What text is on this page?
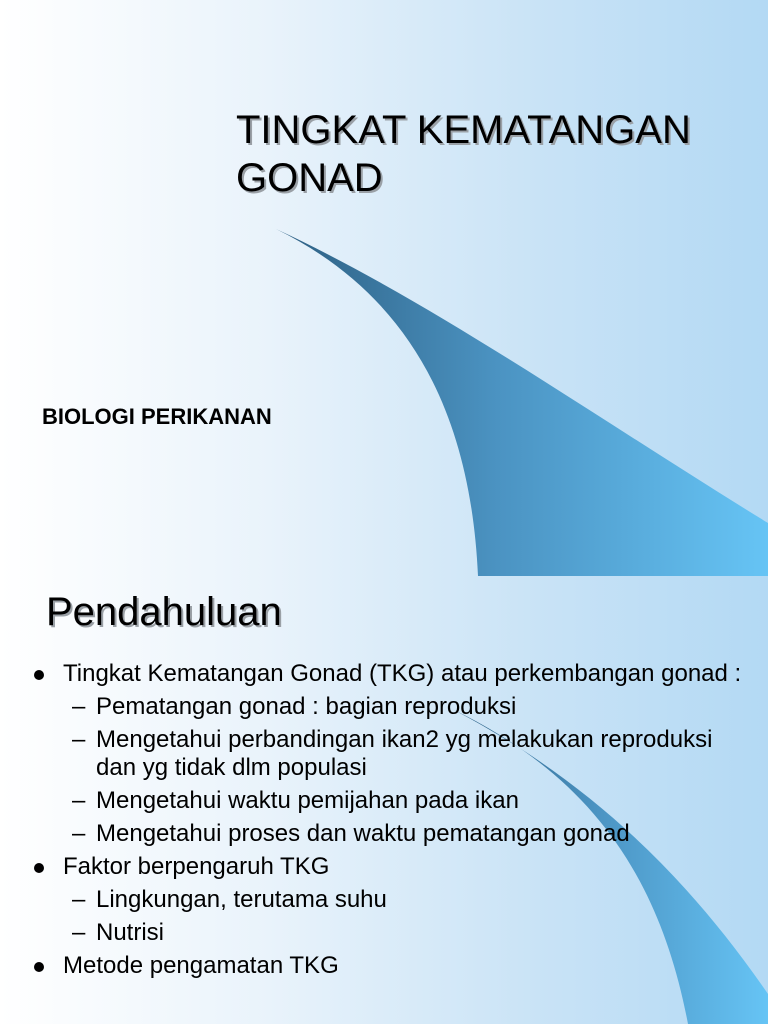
TINGKAT KEMATANGAN GONAD
BIOLOGI PERIKANAN
Pendahuluan
Tingkat Kematangan Gonad (TKG) atau perkembangan gonad :
– Pematangan gonad : bagian reproduksi
– Mengetahui perbandingan ikan2 yg melakukan reproduksi dan yg tidak dlm populasi
– Mengetahui waktu pemijahan pada ikan
– Mengetahui proses dan waktu pematangan gonad
Faktor berpengaruh TKG
– Lingkungan, terutama suhu
– Nutrisi
Metode pengamatan TKG
